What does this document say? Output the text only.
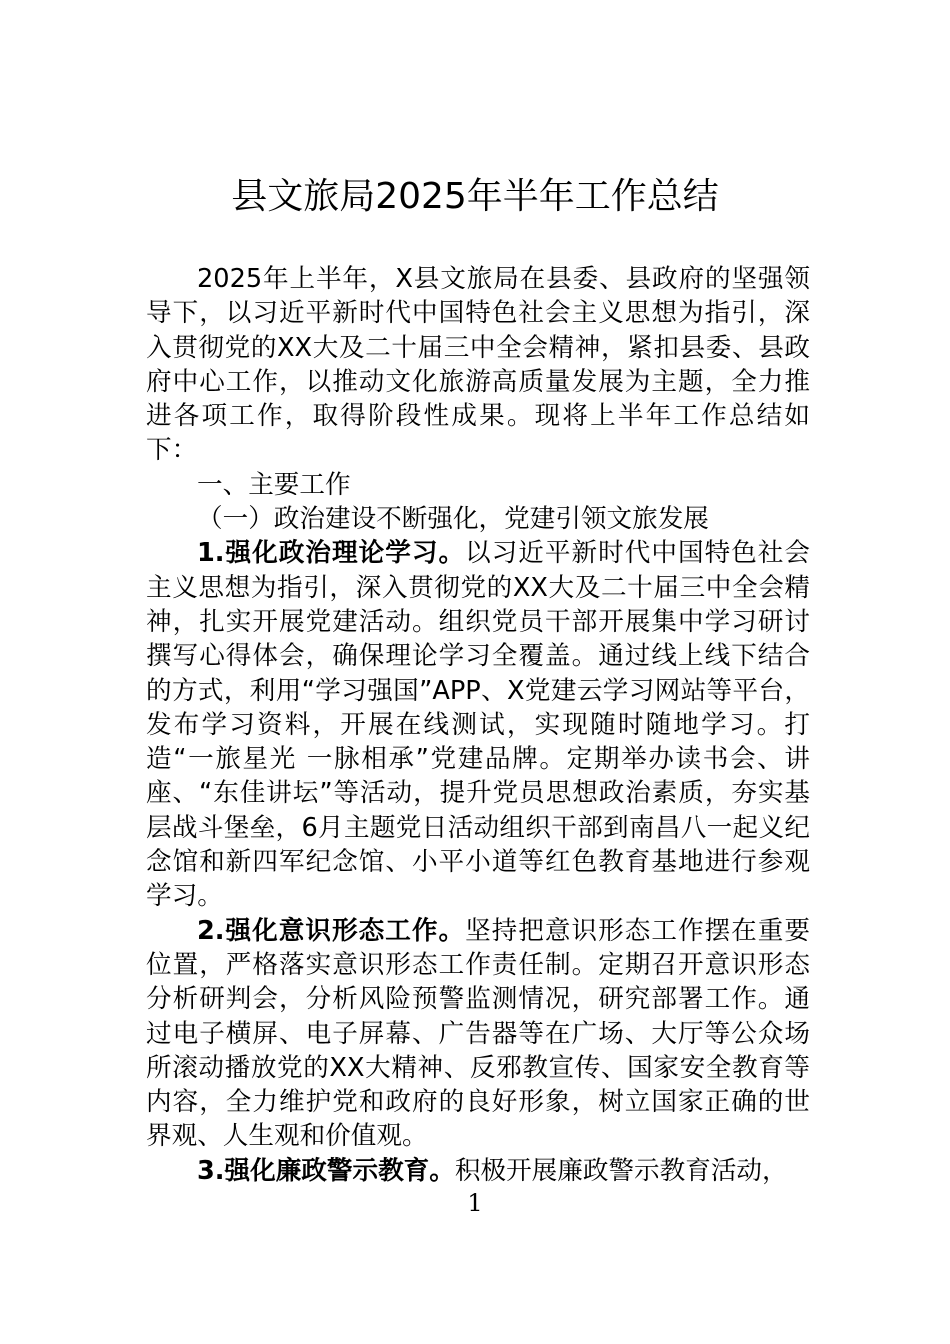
县文旅局2025年半年工作总结

2025年上半年，X县文旅局在县委、县政府的坚强领导下，以习近平新时代中国特色社会主义思想为指引，深入贯彻党的XX大及二十届三中全会精神，紧扣县委、县政府中心工作，以推动文化旅游高质量发展为主题，全力推进各项工作，取得阶段性成果。现将上半年工作总结如下：

一、主要工作

（一）政治建设不断强化，党建引领文旅发展

1.强化政治理论学习。以习近平新时代中国特色社会主义思想为指引，深入贯彻党的XX大及二十届三中全会精神，扎实开展党建活动。组织党员干部开展集中学习研讨撰写心得体会，确保理论学习全覆盖。通过线上线下结合的方式，利用“学习强国”APP、X党建云学习网站等平台，发布学习资料，开展在线测试，实现随时随地学习。打造“一旅星光 一脉相承”党建品牌。定期举办读书会、讲座、“东佳讲坛”等活动，提升党员思想政治素质，夯实基层战斗堡垒，6月主题党日活动组织干部到南昌八一起义纪念馆和新四军纪念馆、小平小道等红色教育基地进行参观学习。

2.强化意识形态工作。坚持把意识形态工作摆在重要位置，严格落实意识形态工作责任制。定期召开意识形态分析研判会，分析风险预警监测情况，研究部署工作。通过电子横屏、电子屏幕、广告器等在广场、大厅等公众场所滚动播放党的XX大精神、反邪教宣传、国家安全教育等内容，全力维护党和政府的良好形象，树立国家正确的世界观、人生观和价值观。

3.强化廉政警示教育。积极开展廉政警示教育活动，

1
